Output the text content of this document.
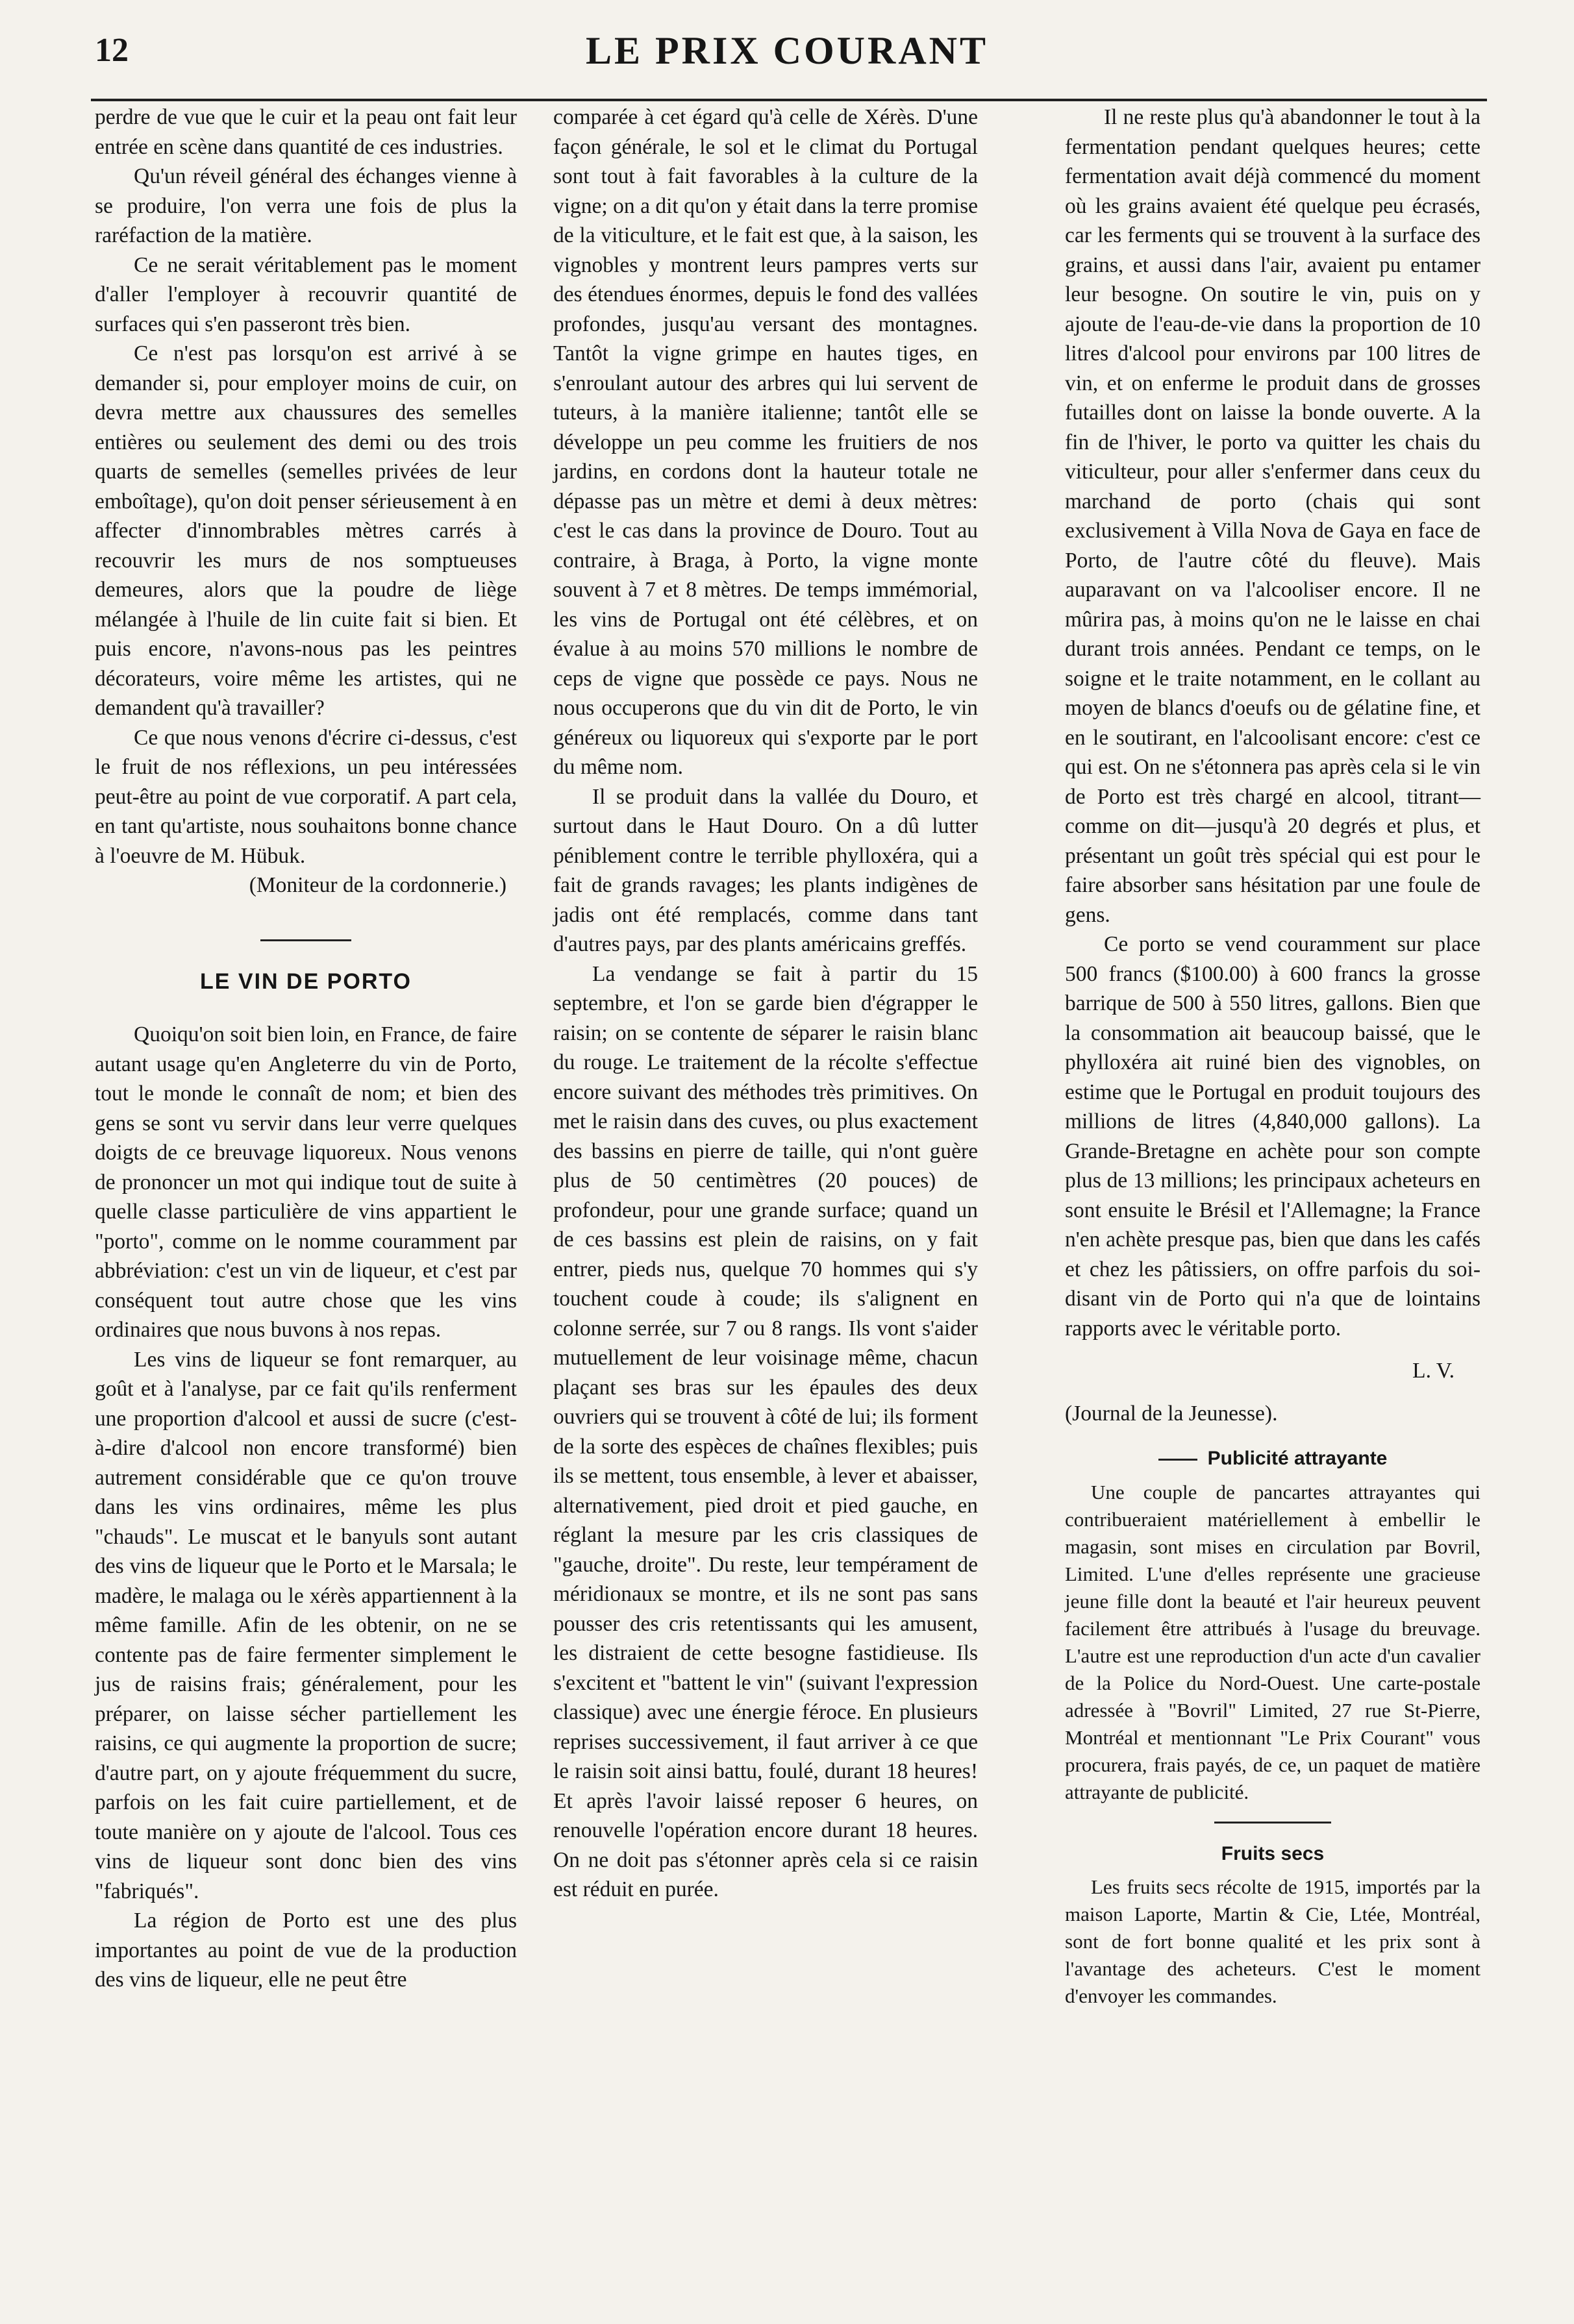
12	LE PRIX COURANT

perdre de vue que le cuir et la peau ont fait leur entrée en scène dans quantité de ces industries.

Qu'un réveil général des échanges vienne à se produire, l'on verra une fois de plus la raréfaction de la matière.

Ce ne serait véritablement pas le moment d'aller l'employer à recouvrir quantité de surfaces qui s'en passeront très bien.

Ce n'est pas lorsqu'on est arrivé à se demander si, pour employer moins de cuir, on devra mettre aux chaussures des semelles entières ou seulement des demi ou des trois quarts de semelles (semelles privées de leur emboîtage), qu'on doit penser sérieusement à en affecter d'innombrables mètres carrés à recouvrir les murs de nos somptueuses demeures, alors que la poudre de liège mélangée à l'huile de lin cuite fait si bien. Et puis encore, n'avons-nous pas les peintres décorateurs, voire même les artistes, qui ne demandent qu'à travailler?

Ce que nous venons d'écrire ci-dessus, c'est le fruit de nos réflexions, un peu intéressées peut-être au point de vue corporatif. A part cela, en tant qu'artiste, nous souhaitons bonne chance à l'oeuvre de M. Hübuk.

(Moniteur de la cordonnerie.)

LE VIN DE PORTO

Quoiqu'on soit bien loin, en France, de faire autant usage qu'en Angleterre du vin de Porto, tout le monde le connaît de nom; et bien des gens se sont vu servir dans leur verre quelques doigts de ce breuvage liquoreux. Nous venons de prononcer un mot qui indique tout de suite à quelle classe particulière de vins appartient le "porto", comme on le nomme couramment par abbréviation: c'est un vin de liqueur, et c'est par conséquent tout autre chose que les vins ordinaires que nous buvons à nos repas.

Les vins de liqueur se font remarquer, au goût et à l'analyse, par ce fait qu'ils renferment une proportion d'alcool et aussi de sucre (c'est-à-dire d'alcool non encore transformé) bien autrement considérable que ce qu'on trouve dans les vins ordinaires, même les plus "chauds". Le muscat et le banyuls sont autant des vins de liqueur que le Porto et le Marsala; le madère, le malaga ou le xérès appartiennent à la même famille. Afin de les obtenir, on ne se contente pas de faire fermenter simplement le jus de raisins frais; généralement, pour les préparer, on laisse sécher partiellement les raisins, ce qui augmente la proportion de sucre; d'autre part, on y ajoute fréquemment du sucre, parfois on les fait cuire partiellement, et de toute manière on y ajoute de l'alcool. Tous ces vins de liqueur sont donc bien des vins "fabriqués".

La région de Porto est une des plus importantes au point de vue de la production des vins de liqueur, elle ne peut être

comparée à cet égard qu'à celle de Xérès. D'une façon générale, le sol et le climat du Portugal sont tout à fait favorables à la culture de la vigne; on a dit qu'on y était dans la terre promise de la viticulture, et le fait est que, à la saison, les vignobles y montrent leurs pampres verts sur des étendues énormes, depuis le fond des vallées profondes, jusqu'au versant des montagnes. Tantôt la vigne grimpe en hautes tiges, en s'enroulant autour des arbres qui lui servent de tuteurs, à la manière italienne; tantôt elle se développe un peu comme les fruitiers de nos jardins, en cordons dont la hauteur totale ne dépasse pas un mètre et demi à deux mètres: c'est le cas dans la province de Douro. Tout au contraire, à Braga, à Porto, la vigne monte souvent à 7 et 8 mètres. De temps immémorial, les vins de Portugal ont été célèbres, et on évalue à au moins 570 millions le nombre de ceps de vigne que possède ce pays. Nous ne nous occuperons que du vin dit de Porto, le vin généreux ou liquoreux qui s'exporte par le port du même nom.

Il se produit dans la vallée du Douro, et surtout dans le Haut Douro. On a dû lutter péniblement contre le terrible phylloxéra, qui a fait de grands ravages; les plants indigènes de jadis ont été remplacés, comme dans tant d'autres pays, par des plants américains greffés.

La vendange se fait à partir du 15 septembre, et l'on se garde bien d'égrapper le raisin; on se contente de séparer le raisin blanc du rouge. Le traitement de la récolte s'effectue encore suivant des méthodes très primitives. On met le raisin dans des cuves, ou plus exactement des bassins en pierre de taille, qui n'ont guère plus de 50 centimètres (20 pouces) de profondeur, pour une grande surface; quand un de ces bassins est plein de raisins, on y fait entrer, pieds nus, quelque 70 hommes qui s'y touchent coude à coude; ils s'alignent en colonne serrée, sur 7 ou 8 rangs. Ils vont s'aider mutuellement de leur voisinage même, chacun plaçant ses bras sur les épaules des deux ouvriers qui se trouvent à côté de lui; ils forment de la sorte des espèces de chaînes flexibles; puis ils se mettent, tous ensemble, à lever et abaisser, alternativement, pied droit et pied gauche, en réglant la mesure par les cris classiques de "gauche, droite". Du reste, leur tempérament de méridionaux se montre, et ils ne sont pas sans pousser des cris retentissants qui les amusent, les distraient de cette besogne fastidieuse. Ils s'excitent et "battent le vin" (suivant l'expression classique) avec une énergie féroce. En plusieurs reprises successivement, il faut arriver à ce que le raisin soit ainsi battu, foulé, durant 18 heures! Et après l'avoir laissé reposer 6 heures, on renouvelle l'opération encore durant 18 heures. On ne doit pas s'étonner après cela si ce raisin est réduit en purée.

Il ne reste plus qu'à abandonner le tout à la fermentation pendant quelques heures; cette fermentation avait déjà commencé du moment où les grains avaient été quelque peu écrasés, car les ferments qui se trouvent à la surface des grains, et aussi dans l'air, avaient pu entamer leur besogne. On soutire le vin, puis on y ajoute de l'eau-de-vie dans la proportion de 10 litres d'alcool pour environs par 100 litres de vin, et on enferme le produit dans de grosses futailles dont on laisse la bonde ouverte. A la fin de l'hiver, le porto va quitter les chais du viticulteur, pour aller s'enfermer dans ceux du marchand de porto (chais qui sont exclusivement à Villa Nova de Gaya en face de Porto, de l'autre côté du fleuve). Mais auparavant on va l'alcooliser encore. Il ne mûrira pas, à moins qu'on ne le laisse en chai durant trois années. Pendant ce temps, on le soigne et le traite notamment, en le collant au moyen de blancs d'oeufs ou de gélatine fine, et en le soutirant, en l'alcoolisant encore: c'est ce qui est. On ne s'étonnera pas après cela si le vin de Porto est très chargé en alcool, titrant—comme on dit—jusqu'à 20 degrés et plus, et présentant un goût très spécial qui est pour le faire absorber sans hésitation par une foule de gens.

Ce porto se vend couramment sur place 500 francs ($100.00) à 600 francs la grosse barrique de 500 à 550 litres, gallons. Bien que la consommation ait beaucoup baissé, que le phylloxéra ait ruiné bien des vignobles, on estime que le Portugal en produit toujours des millions de litres (4,840,000 gallons). La Grande-Bretagne en achète pour son compte plus de 13 millions; les principaux acheteurs en sont ensuite le Brésil et l'Allemagne; la France n'en achète presque pas, bien que dans les cafés et chez les pâtissiers, on offre parfois du soi-disant vin de Porto qui n'a que de lointains rapports avec le véritable porto.

L. V.

(Journal de la Jeunesse).

Publicité attrayante

Une couple de pancartes attrayantes qui contribueraient matériellement à embellir le magasin, sont mises en circulation par Bovril, Limited. L'une d'elles représente une gracieuse jeune fille dont la beauté et l'air heureux peuvent facilement être attribués à l'usage du breuvage. L'autre est une reproduction d'un acte d'un cavalier de la Police du Nord-Ouest. Une carte-postale adressée à "Bovril" Limited, 27 rue St-Pierre, Montréal et mentionnant "Le Prix Courant" vous procurera, frais payés, de ce, un paquet de matière attrayante de publicité.

Fruits secs

Les fruits secs récolte de 1915, importés par la maison Laporte, Martin & Cie, Ltée, Montréal, sont de fort bonne qualité et les prix sont à l'avantage des acheteurs. C'est le moment d'envoyer les commandes.
